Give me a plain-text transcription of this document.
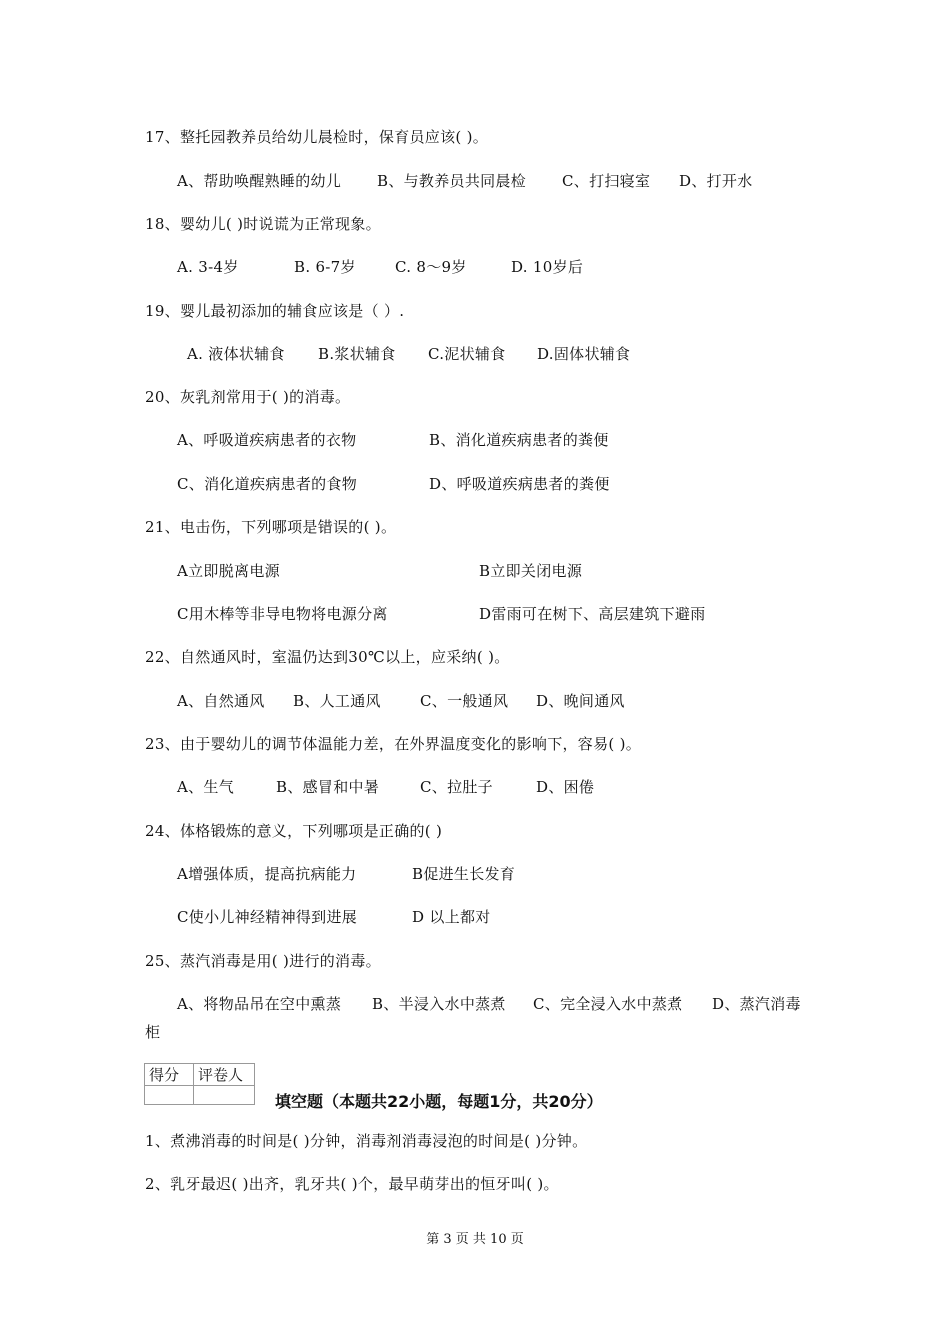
17、整托园教养员给幼儿晨检时，保育员应该( )。
A、帮助唤醒熟睡的幼儿 B、与教养员共同晨检 C、打扫寝室 D、打开水
18、婴幼儿( )时说谎为正常现象。
A. 3-4岁	B. 6-7岁	C. 8～9岁	D. 10岁后
19、婴儿最初添加的辅食应该是（ ）.
A. 液体状辅食 B.浆状辅食 C.泥状辅食 D.固体状辅食
20、灰乳剂常用于( )的消毒。
A、呼吸道疾病患者的衣物	B、消化道疾病患者的粪便
C、消化道疾病患者的食物	D、呼吸道疾病患者的粪便
21、电击伤，下列哪项是错误的( )。
A立即脱离电源	B立即关闭电源
C用木棒等非导电物将电源分离	D雷雨可在树下、高层建筑下避雨
22、自然通风时，室温仍达到30℃以上，应采纳( )。
A、自然通风 B、人工通风	C、一般通风 D、晚间通风
23、由于婴幼儿的调节体温能力差，在外界温度变化的影响下，容易( )。
A、生气	B、感冒和中暑	C、拉肚子	D、困倦
24、体格锻炼的意义，下列哪项是正确的( )
A增强体质，提高抗病能力	B促进生长发育
C使小儿神经精神得到进展	D 以上都对
25、蒸汽消毒是用( )进行的消毒。
A、将物品吊在空中熏蒸 B、半浸入水中蒸煮 C、完全浸入水中蒸煮 D、蒸汽消毒
柜
得分	评卷人

填空题（本题共22小题，每题1分，共20分）
1、煮沸消毒的时间是( )分钟，消毒剂消毒浸泡的时间是( )分钟。
2、乳牙最迟( )出齐，乳牙共( )个，最早萌芽出的恒牙叫( )。
第 3 页 共 10 页
